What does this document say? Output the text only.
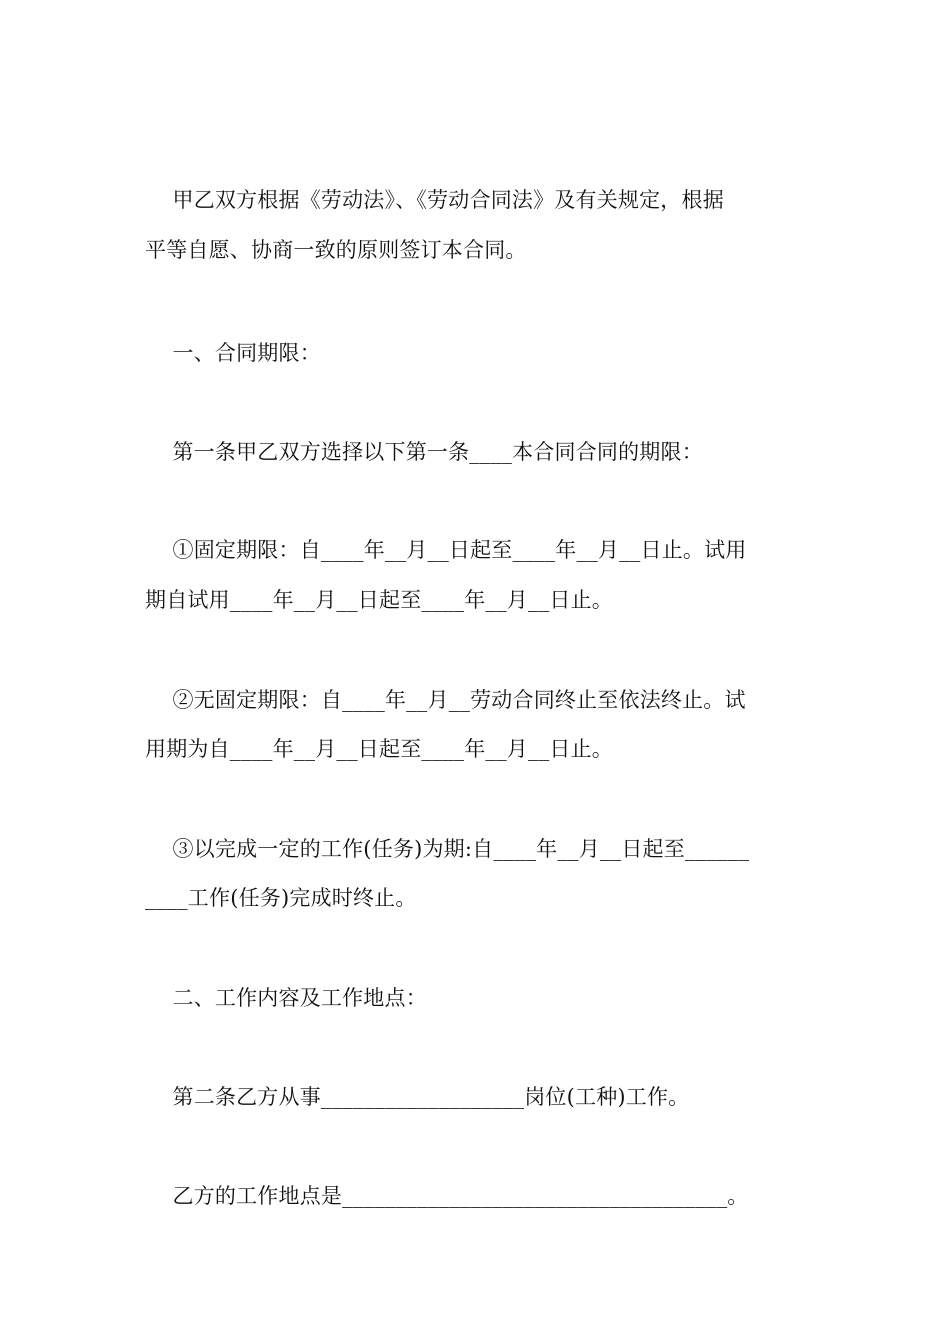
甲乙双方根据《劳动法》、《劳动合同法》及有关规定，根据
平等自愿、协商一致的原则签订本合同。
一、合同期限：
第一条甲乙双方选择以下第一条____本合同合同的期限：
①固定期限：自____年__月__日起至____年__月__日止。试用
期自试用____年__月__日起至____年__月__日止。
②无固定期限：自____年__月__劳动合同终止至依法终止。试
用期为自____年__月__日起至____年__月__日止。
③以完成一定的工作(任务)为期:自____年__月__日起至______
____工作(任务)完成时终止。
二、工作内容及工作地点：
第二条乙方从事___________________岗位(工种)工作。
乙方的工作地点是____________________________________。
